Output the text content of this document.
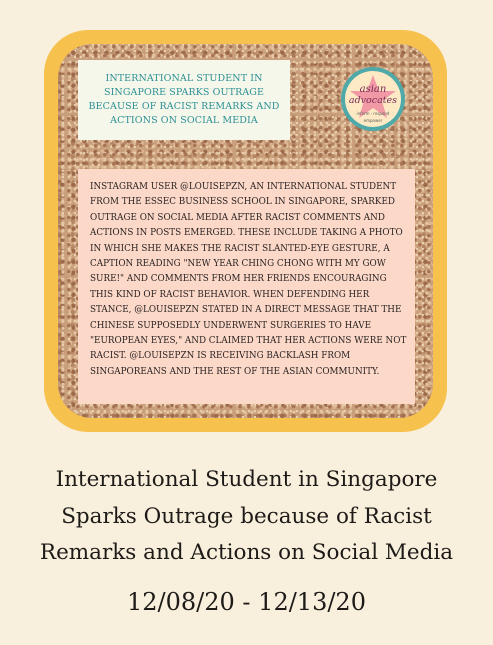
INTERNATIONAL STUDENT IN SINGAPORE SPARKS OUTRAGE BECAUSE OF RACIST REMARKS AND ACTIONS ON SOCIAL MEDIA
asian
advocates
inform · respond
empower

INSTAGRAM USER @LOUISEPZN, AN INTERNATIONAL STUDENT FROM THE ESSEC BUSINESS SCHOOL IN SINGAPORE, SPARKED OUTRAGE ON SOCIAL MEDIA AFTER RACIST COMMENTS AND ACTIONS IN POSTS EMERGED. THESE INCLUDE TAKING A PHOTO IN WHICH SHE MAKES THE RACIST SLANTED-EYE GESTURE, A CAPTION READING "NEW YEAR CHING CHONG WITH MY GOW SURE!" AND COMMENTS FROM HER FRIENDS ENCOURAGING THIS KIND OF RACIST BEHAVIOR. WHEN DEFENDING HER STANCE, @LOUISEPZN STATED IN A DIRECT MESSAGE THAT THE CHINESE SUPPOSEDLY UNDERWENT SURGERIES TO HAVE "EUROPEAN EYES," AND CLAIMED THAT HER ACTIONS WERE NOT RACIST. @LOUISEPZN IS RECEIVING BACKLASH FROM SINGAPOREANS AND THE REST OF THE ASIAN COMMUNITY.

International Student in Singapore Sparks Outrage because of Racist Remarks and Actions on Social Media
12/08/20 - 12/13/20
